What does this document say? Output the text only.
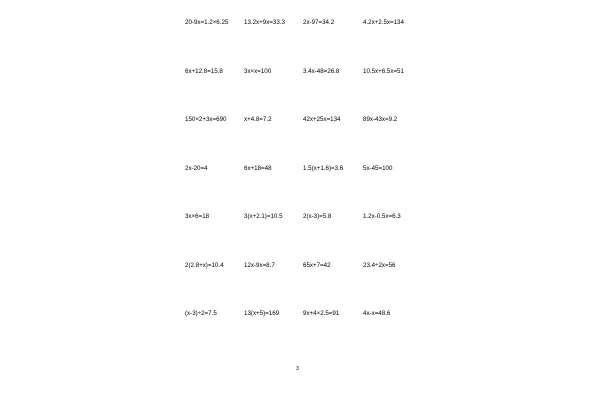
20-9x=1.2×6.25	13.2x+9x=33.3	2x-97=34.2	4.2x+2.5x=134
6x+12.8=15.8	3x×x=100	3.4x-48=26.8	10.5x+6.5x=51
150×2+3x=690	x+4.8=7.2	42x+25x=134	89x-43x=9.2
2x-20=4	6x+18=48	1.5(x+1.6)=3.6	5x-45=100
3x×6=18	3(x+2.1)=10.5	2(x-3)=5.8	1.2x-0.5x=6.3
2(2.8+x)=10.4	12x-9x=8.7	65x+7=42	23.4÷2x=56
(x-3)÷2=7.5	13(x+5)=169	9x+4×2.5=91	4x-x=48.6
3
